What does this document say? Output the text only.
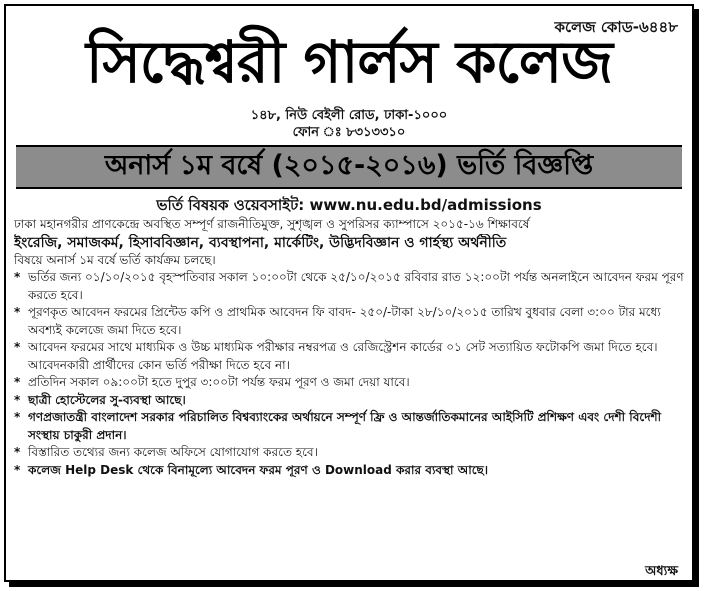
কলেজ কোড-৬৪৪৮
সিদ্ধেশ্বরী গার্লস কলেজ
১৪৮, নিউ বেইলী রোড, ঢাকা-১০০০
ফোন ঃ ৮৩১৩৩১০
অনার্স ১ম বর্ষে (২০১৫-২০১৬) ভর্তি বিজ্ঞপ্তি
ভর্তি বিষয়ক ওয়েবসাইট: www.nu.edu.bd/admissions
ঢাকা মহানগরীর প্রাণকেন্দ্রে অবস্থিত সম্পূর্ণ রাজনীতিমুক্ত, সুশৃঙ্খল ও সুপরিসর ক্যাম্পাসে ২০১৫-১৬ শিক্ষাবর্ষে
ইংরেজি, সমাজকর্ম, হিসাববিজ্ঞান, ব্যবস্থাপনা, মার্কেটিং, উদ্ভিদবিজ্ঞান ও গার্হস্থ্য অর্থনীতি
বিষয়ে অনার্স ১ম বর্ষে ভর্তি কার্যক্রম চলছে।
* ভর্তির জন্য ০১/১০/২০১৫ বৃহস্পতিবার সকাল ১০:০০টা থেকে ২৫/১০/২০১৫ রবিবার রাত ১২:০০টা পর্যন্ত অনলাইনে আবেদন ফরম পূরণ করতে হবে।
* পূরণকৃত আবেদন ফরমের প্রিন্টেড কপি ও প্রাথমিক আবেদন ফি বাবদ- ২৫০/-টাকা ২৮/১০/২০১৫ তারিখ বুধবার বেলা ৩:০০ টার মধ্যে অবশ্যই কলেজে জমা দিতে হবে।
* আবেদন ফরমের সাথে মাধ্যমিক ও উচ্চ মাধ্যমিক পরীক্ষার নম্বরপত্র ও রেজিস্ট্রেশন কার্ডের ০১ সেট সত্যায়িত ফটোকপি জমা দিতে হবে। আবেদনকারী প্রার্থীদের কোন ভর্তি পরীক্ষা দিতে হবে না।
* প্রতিদিন সকাল ০৯:০০টা হতে দুপুর ৩:০০টা পর্যন্ত ফরম পূরণ ও জমা দেয়া যাবে।
* ছাত্রী হোস্টেলের সু-ব্যবস্থা আছে।
* গণপ্রজাতন্ত্রী বাংলাদেশ সরকার পরিচালিত বিশ্বব্যাংকের অর্থায়নে সম্পূর্ণ ফ্রি ও আন্তর্জাতিকমানের আইসিটি প্রশিক্ষণ এবং দেশী বিদেশী সংস্থায় চাকুরী প্রদান।
* বিস্তারিত তথ্যের জন্য কলেজ অফিসে যোগাযোগ করতে হবে।
* কলেজ Help Desk থেকে বিনামূল্যে আবেদন ফরম পূরণ ও Download করার ব্যবস্থা আছে।
অধ্যক্ষ
